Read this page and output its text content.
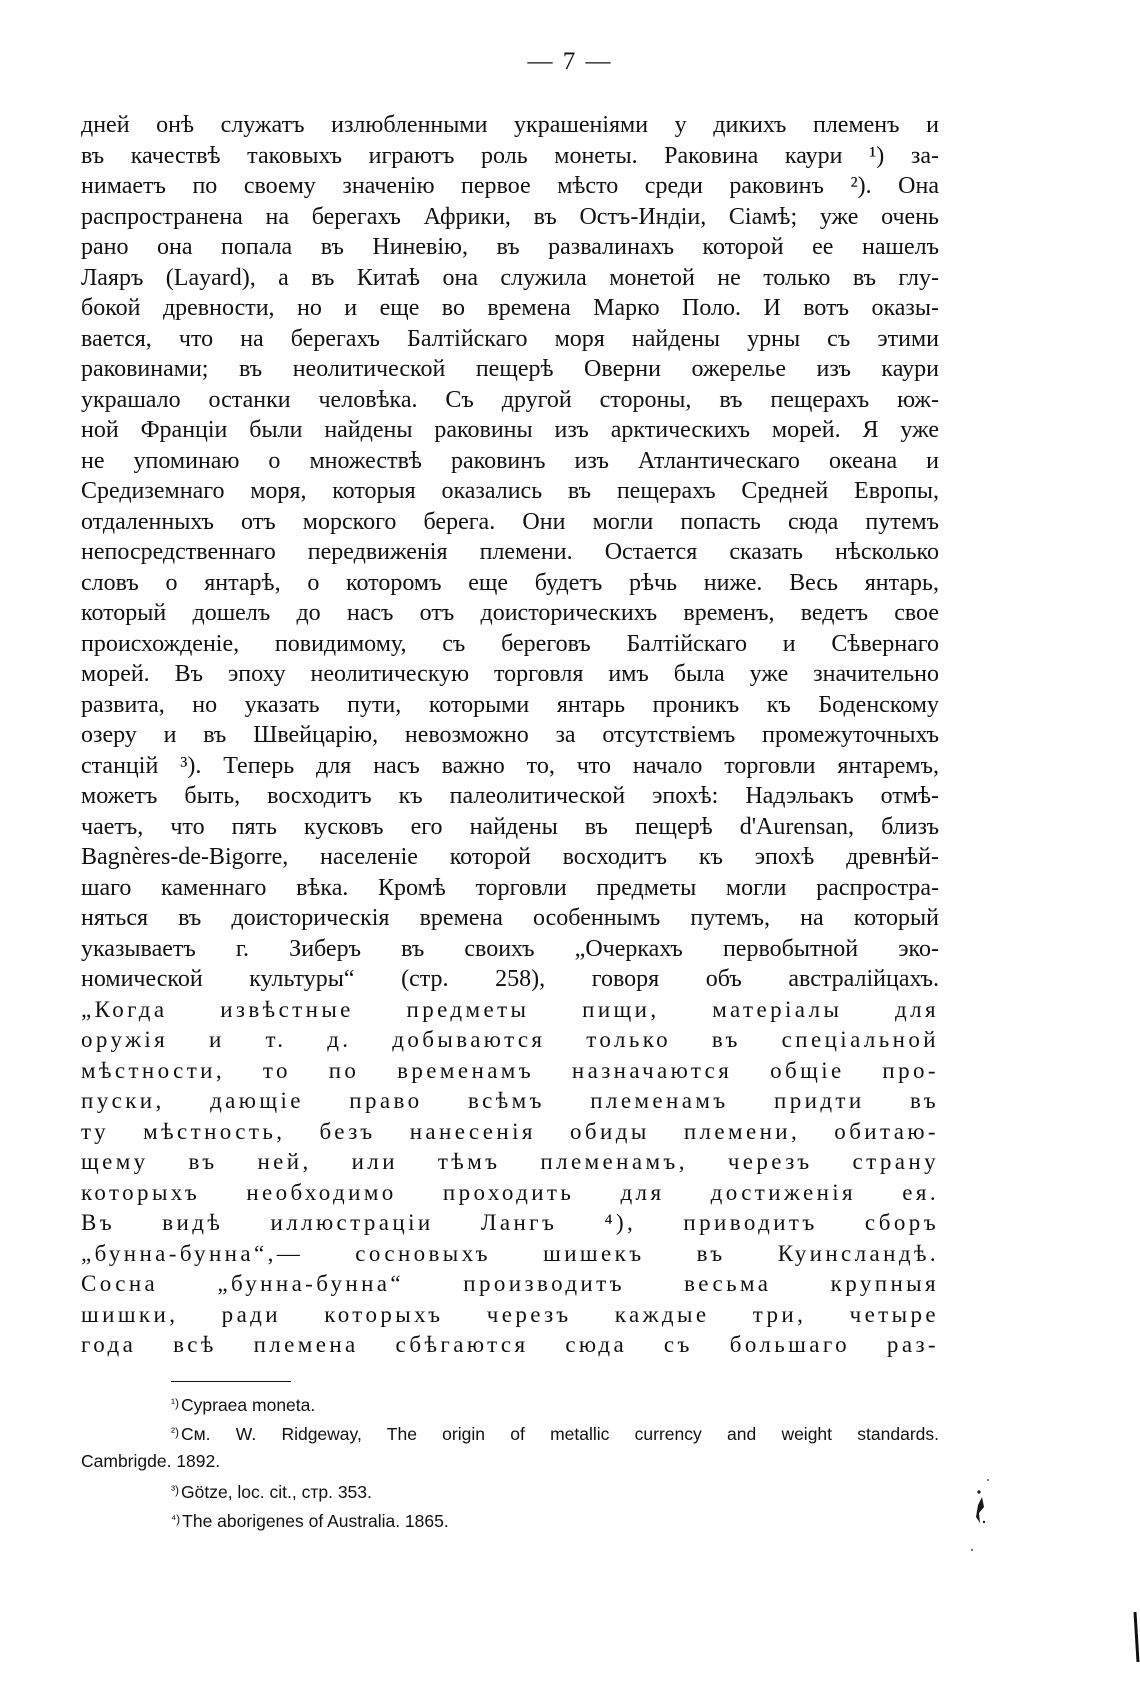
— 7 —
дней онѣ служатъ излюбленными украшеніями у дикихъ племенъ и
въ качествѣ таковыхъ играютъ роль монеты. Раковина каури ¹) за-
нимаетъ по своему значенію первое мѣсто среди раковинъ ²). Она
распространена на берегахъ Африки, въ Остъ-Индіи, Сіамѣ; уже очень
рано она попала въ Ниневію, въ развалинахъ которой ее нашелъ
Лаяръ (Layard), а въ Китаѣ она служила монетой не только въ глу-
бокой древности, но и еще во времена Марко Поло. И вотъ оказы-
вается, что на берегахъ Балтійскаго моря найдены урны съ этими
раковинами; въ неолитической пещерѣ Оверни ожерелье изъ каури
украшало останки человѣка. Съ другой стороны, въ пещерахъ юж-
ной Франціи были найдены раковины изъ арктическихъ морей. Я уже
не упоминаю о множествѣ раковинъ изъ Атлантическаго океана и
Средиземнаго моря, которыя оказались въ пещерахъ Средней Европы,
отдаленныхъ отъ морского берега. Они могли попасть сюда путемъ
непосредственнаго передвиженія племени. Остается сказать нѣсколько
словъ о янтарѣ, о которомъ еще будетъ рѣчь ниже. Весь янтарь,
который дошелъ до насъ отъ доисторическихъ временъ, ведетъ свое
происхожденіе, повидимому, съ береговъ Балтійскаго и Сѣвернаго
морей. Въ эпоху неолитическую торговля имъ была уже значительно
развита, но указать пути, которыми янтарь проникъ къ Боденскому
озеру и въ Швейцарію, невозможно за отсутствіемъ промежуточныхъ
станцій ³). Теперь для насъ важно то, что начало торговли янтаремъ,
можетъ быть, восходитъ къ палеолитической эпохѣ: Надэльакъ отмѣ-
чаетъ, что пять кусковъ его найдены въ пещерѣ d'Aurensan, близъ
Bagnères-de-Bigorre, населеніе которой восходитъ къ эпохѣ древнѣй-
шаго каменнаго вѣка. Кромѣ торговли предметы могли распростра-
няться въ доисторическія времена особеннымъ путемъ, на который
указываетъ г. Зиберъ въ своихъ „Очеркахъ первобытной эко-
номической культуры“ (стр. 258), говоря объ австралійцахъ.
„Когда извѣстные предметы пищи, матеріалы для
оружія и т. д. добываются только въ спеціальной
мѣстности, то по временамъ назначаются общіе про-
пуски, дающіе право всѣмъ племенамъ придти въ
ту мѣстность, безъ нанесенія обиды племени, обитаю-
щему въ ней, или тѣмъ племенамъ, черезъ страну
которыхъ необходимо проходить для достиженія ея.
Въ видѣ иллюстраціи Лангъ ⁴), приводитъ сборъ
„бунна-бунна“,— сосновыхъ шишекъ въ Куинсландѣ.
Сосна „бунна-бунна“ производитъ весьма крупныя
шишки, ради которыхъ черезъ каждые три, четыре
года всѣ племена сбѣгаются сюда съ большаго раз-
$^{^1)}$ Cypraea moneta.
$^{^2)}$ См. W. Ridgeway, The origin of metallic currency and weight standards.
Cambrigde. 1892.
$^{^3)}$ Gӧtze, loc. cit., стр. 353.
$^{^4)}$ The aborigenes of Australia. 1865.
